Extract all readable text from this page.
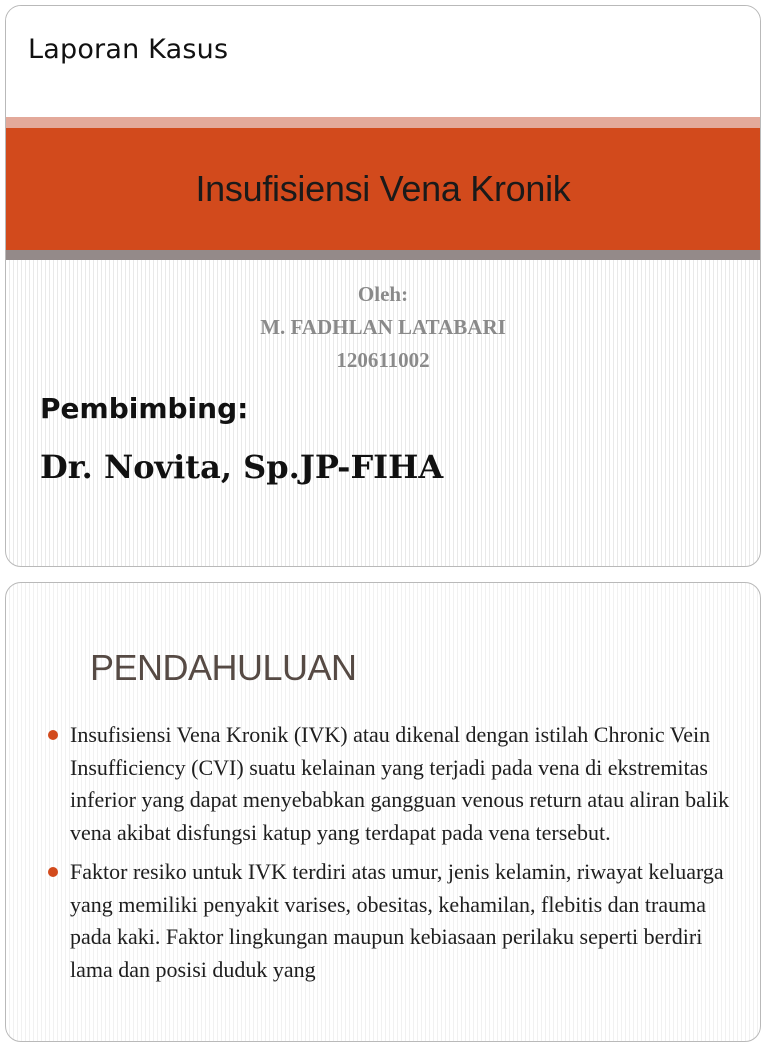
Laporan Kasus
Insufisiensi Vena Kronik
Oleh:
M. FADHLAN LATABARI
120611002
Pembimbing:
Dr. Novita, Sp.JP-FIHA
PENDAHULUAN
Insufisiensi Vena Kronik (IVK) atau dikenal dengan istilah Chronic Vein Insufficiency (CVI) suatu kelainan yang terjadi pada vena di ekstremitas inferior yang dapat menyebabkan gangguan venous return atau aliran balik vena akibat disfungsi katup yang terdapat pada vena tersebut.
Faktor resiko untuk IVK terdiri atas umur, jenis kelamin, riwayat keluarga yang memiliki penyakit varises, obesitas, kehamilan, flebitis dan trauma pada kaki. Faktor lingkungan maupun kebiasaan perilaku seperti berdiri lama dan posisi duduk yang
